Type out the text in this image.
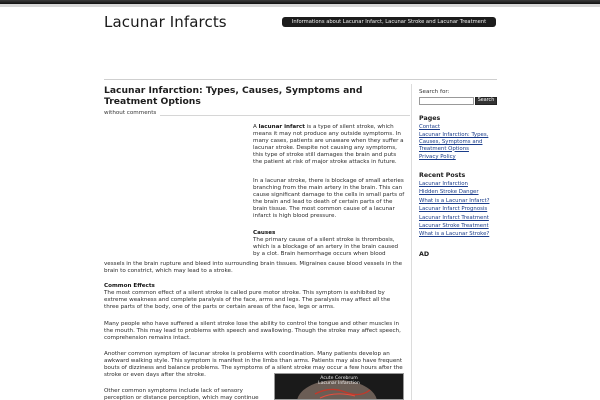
Lacunar Infarcts	Informations about Lacunar Infarct, Lacunar Stroke and Lacunar Treatment
Lacunar Infarction: Types, Causes, Symptoms and Treatment Options
without comments
A lacunar infarct is a type of silent stroke, which means it may not produce any outside symptoms. In many cases, patients are unaware when they suffer a lacunar stroke. Despite not causing any symptoms, this type of stroke still damages the brain and puts the patient at risk of major stroke attacks in future.
In a lacunar stroke, there is blockage of small arteries branching from the main artery in the brain. This can cause significant damage to the cells in small parts of the brain and lead to death of certain parts of the brain tissue. The most common cause of a lacunar infarct is high blood pressure.
Causes
The primary cause of a silent stroke is thrombosis, which is a blockage of an artery in the brain caused by a clot. Brain hemorrhage occurs when blood
vessels in the brain rupture and bleed into surrounding brain tissues. Migraines cause blood vessels in the brain to constrict, which may lead to a stroke.
Common Effects
The most common effect of a silent stroke is called pure motor stroke. This symptom is exhibited by extreme weakness and complete paralysis of the face, arms and legs. The paralysis may affect all the three parts of the body, one of the parts or certain areas of the face, legs or arms.
Many people who have suffered a silent stroke lose the ability to control the tongue and other muscles in the mouth. This may lead to problems with speech and swallowing. Though the stroke may affect speech, comprehension remains intact.
Another common symptom of lacunar stroke is problems with coordination. Many patients develop an awkward walking style. This symptom is manifest in the limbs than arms. Patients may also have frequent bouts of dizziness and balance problems. The symptoms of a silent stroke may occur a few hours after the stroke or even days after the stroke.
Other common symptoms include lack of sensory perception or distance perception, which may continue
Acute Cerebrum
Lacunar Infarction
Search for:
Search
Pages
Contact
Lacunar Infarction: Types, Causes, Symptoms and Treatment Options
Privacy Policy
Recent Posts
Lacunar Infarction
Hidden Stroke Danger
What is a Lacunar Infarct?
Lacunar Infarct Prognosis
Lacunar Infarct Treatment
Lacunar Stroke Treatment
What is a Lacunar Stroke?
AD
